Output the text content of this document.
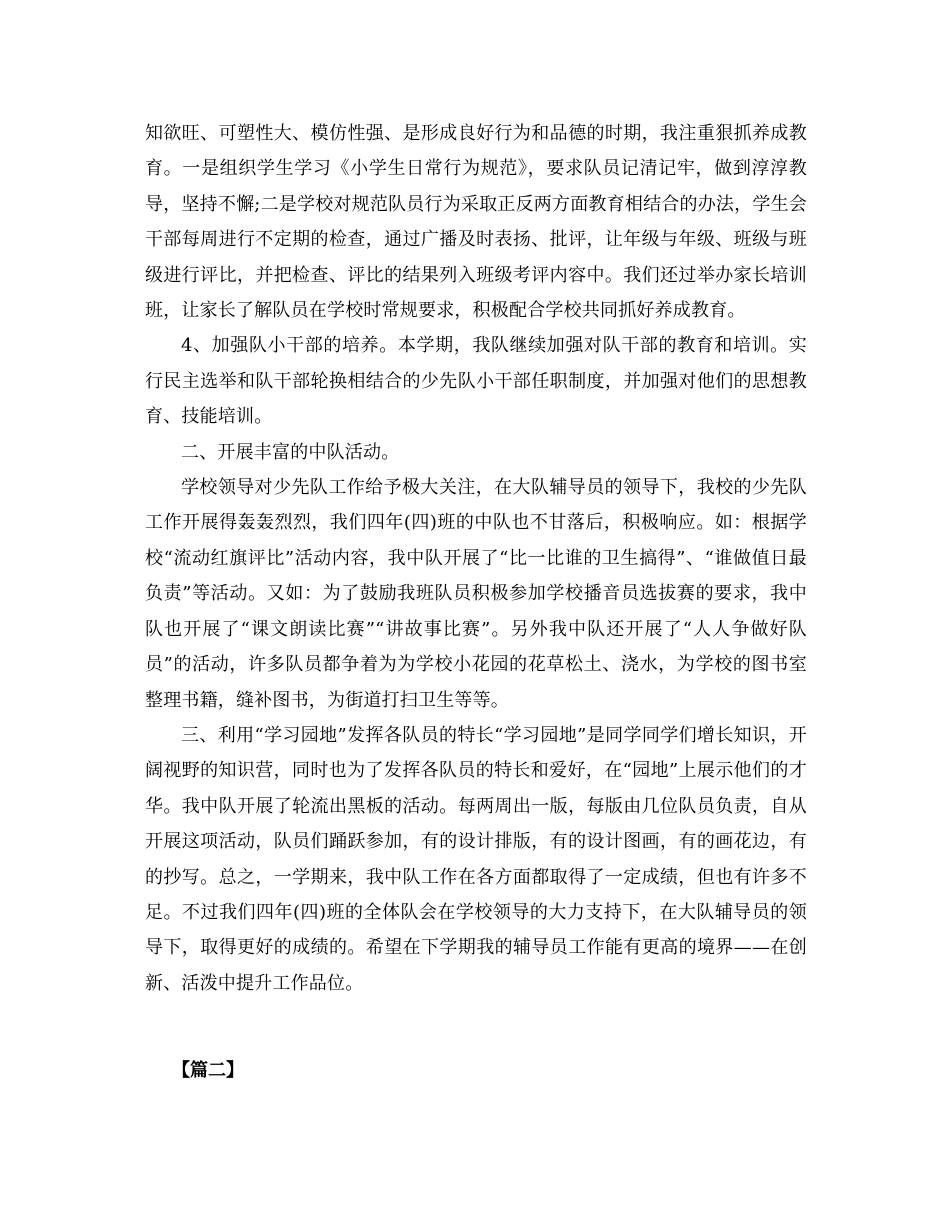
知欲旺、可塑性大、模仿性强、是形成良好行为和品德的时期，我注重狠抓养成教育。一是组织学生学习《小学生日常行为规范》，要求队员记清记牢，做到淳淳教导，坚持不懈;二是学校对规范队员行为采取正反两方面教育相结合的办法，学生会干部每周进行不定期的检查，通过广播及时表扬、批评，让年级与年级、班级与班级进行评比，并把检查、评比的结果列入班级考评内容中。我们还过举办家长培训班，让家长了解队员在学校时常规要求，积极配合学校共同抓好养成教育。

4、加强队小干部的培养。本学期，我队继续加强对队干部的教育和培训。实行民主选举和队干部轮换相结合的少先队小干部任职制度，并加强对他们的思想教育、技能培训。

二、开展丰富的中队活动。

学校领导对少先队工作给予极大关注，在大队辅导员的领导下，我校的少先队工作开展得轰轰烈烈，我们四年(四)班的中队也不甘落后，积极响应。如：根据学校“流动红旗评比”活动内容，我中队开展了“比一比谁的卫生搞得”、“谁做值日最负责”等活动。又如：为了鼓励我班队员积极参加学校播音员选拔赛的要求，我中队也开展了“课文朗读比赛”“讲故事比赛”。另外我中队还开展了“人人争做好队员”的活动，许多队员都争着为为学校小花园的花草松土、浇水，为学校的图书室整理书籍，缝补图书，为街道打扫卫生等等。

三、利用“学习园地”发挥各队员的特长“学习园地”是同学同学们增长知识，开阔视野的知识营，同时也为了发挥各队员的特长和爱好，在“园地”上展示他们的才华。我中队开展了轮流出黑板的活动。每两周出一版，每版由几位队员负责，自从开展这项活动，队员们踊跃参加，有的设计排版，有的设计图画，有的画花边，有的抄写。总之，一学期来，我中队工作在各方面都取得了一定成绩，但也有许多不足。不过我们四年(四)班的全体队会在学校领导的大力支持下，在大队辅导员的领导下，取得更好的成绩的。希望在下学期我的辅导员工作能有更高的境界——在创新、活泼中提升工作品位。

【篇二】
